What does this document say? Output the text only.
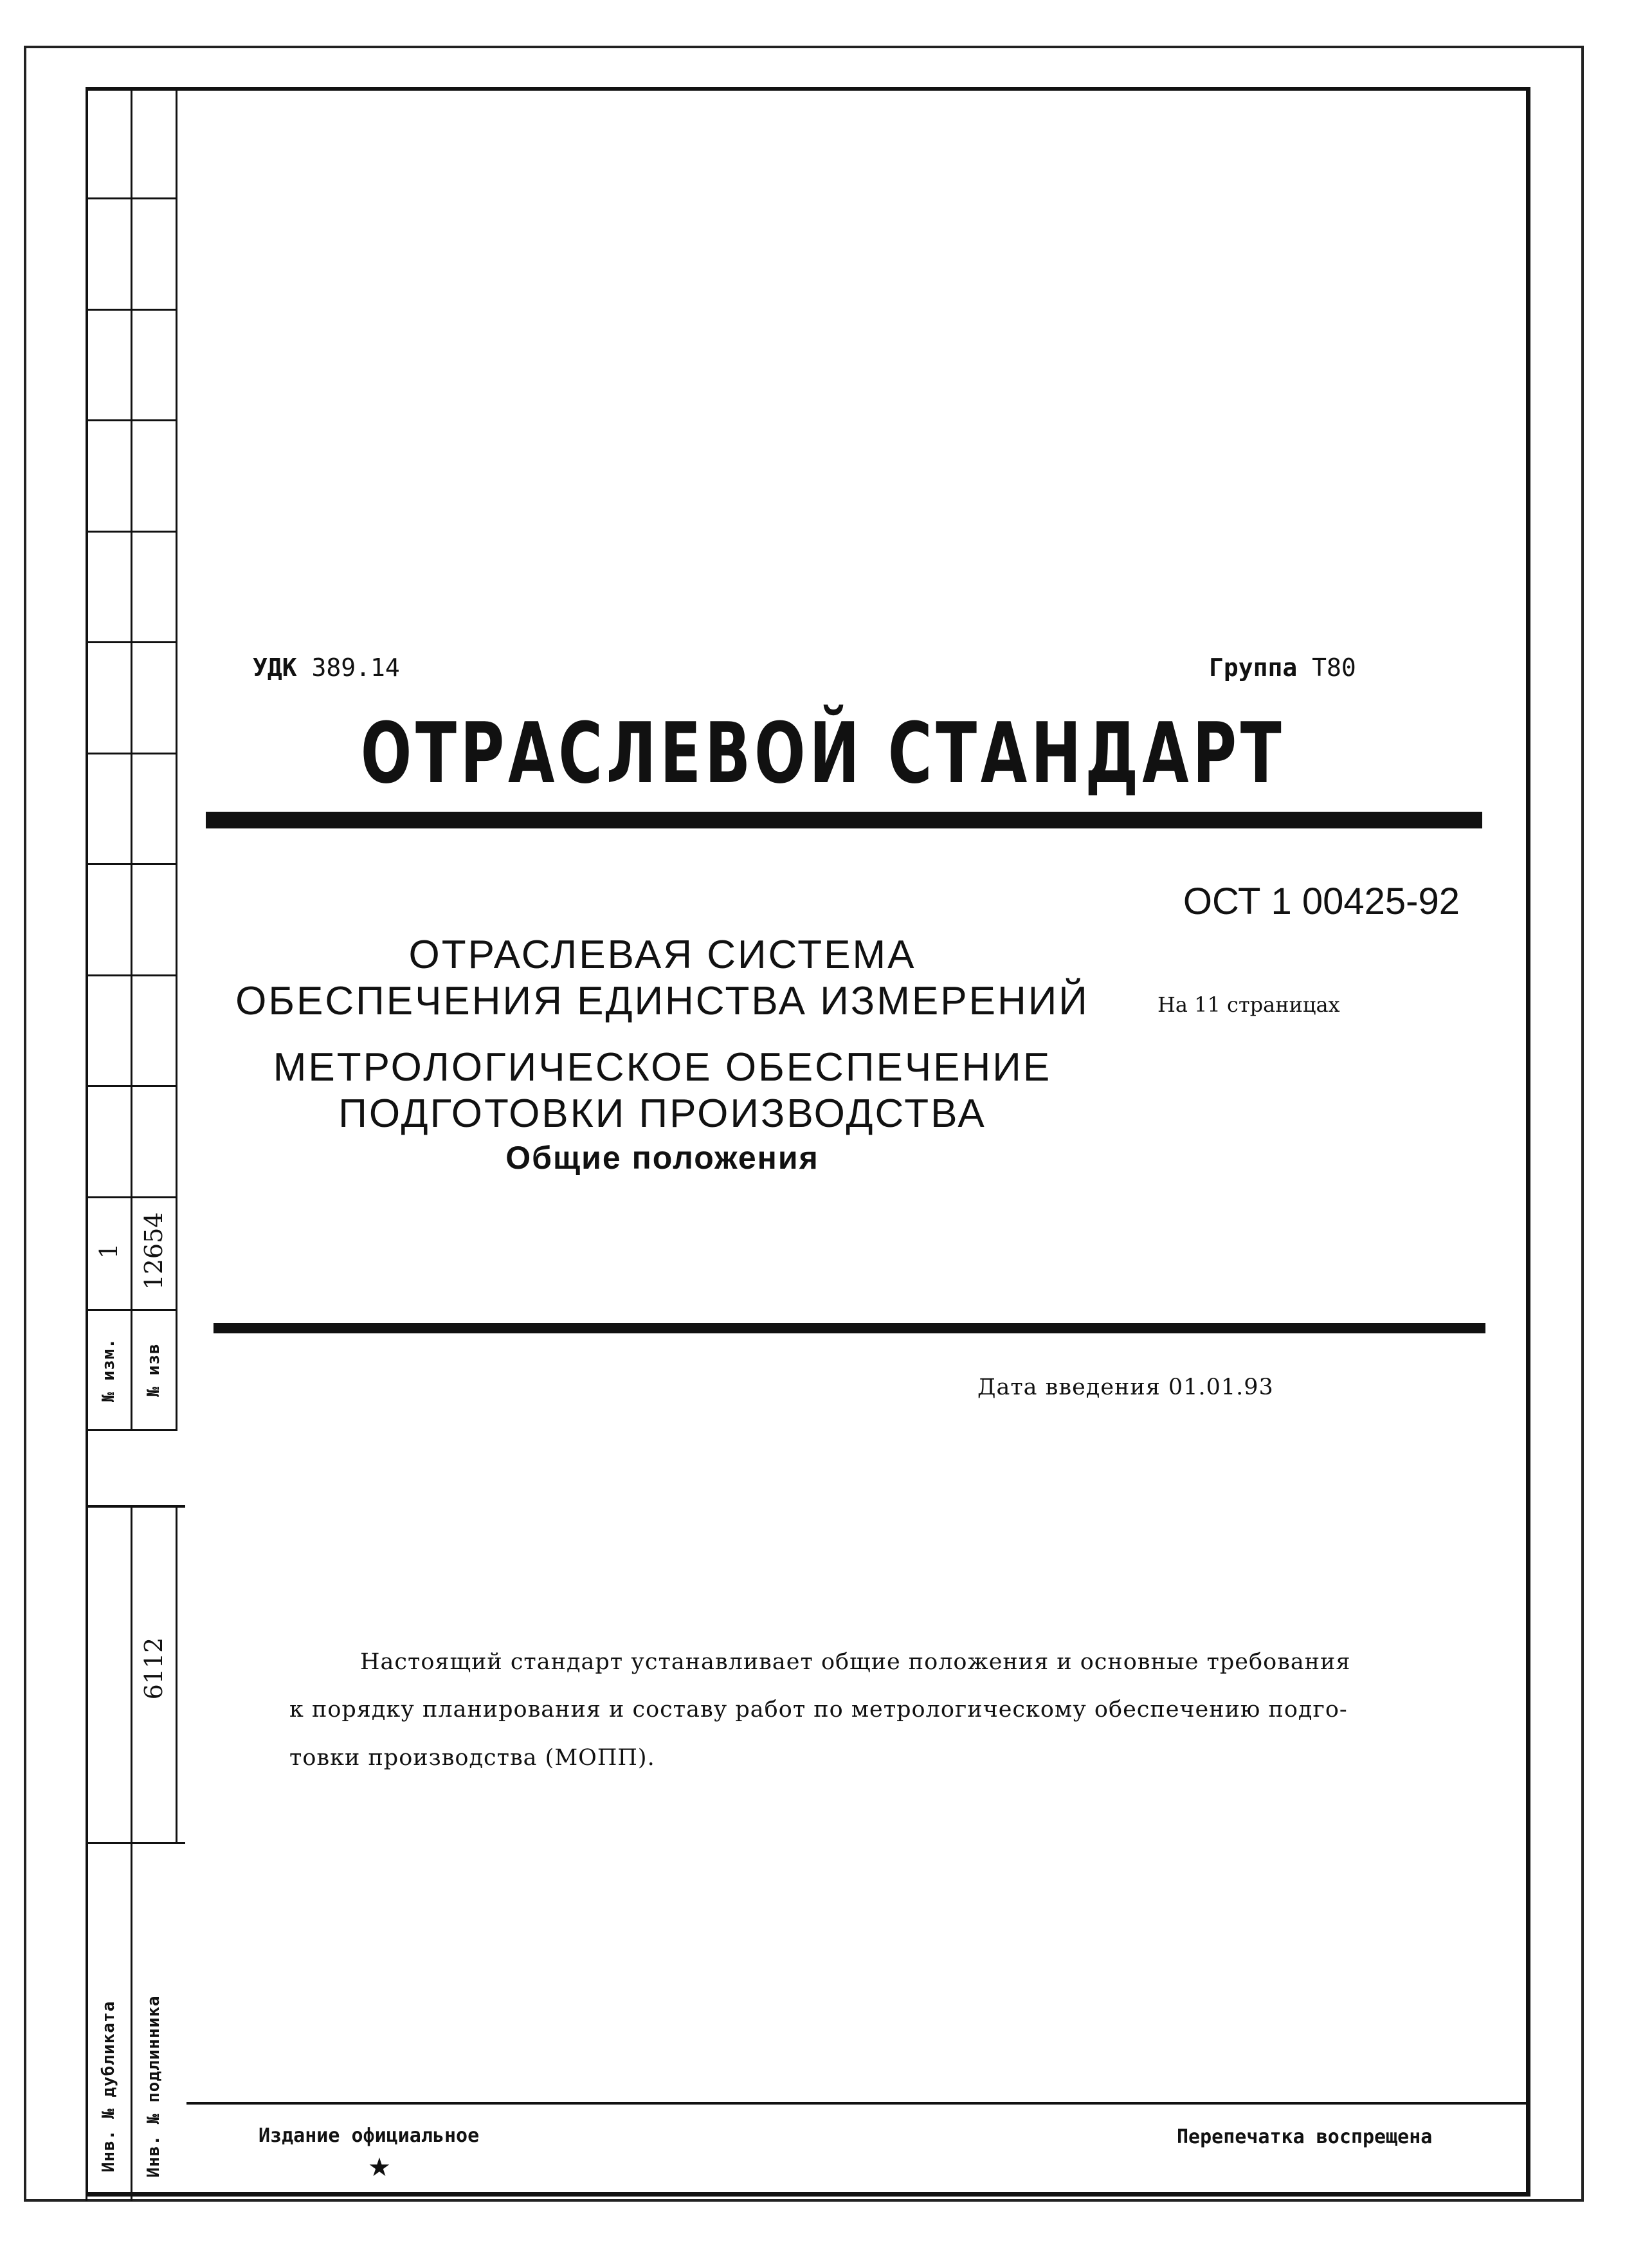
№ изм.
1
№ изв
12654
Инв. № дубликата Инв. № подлинника
6112
УДК 389.14	Группа Т80
ОТРАСЛЕВОЙ СТАНДАРТ
ОСТ 1 00425-92
На 11 страницах
ОТРАСЛЕВАЯ СИСТЕМА
ОБЕСПЕЧЕНИЯ ЕДИНСТВА ИЗМЕРЕНИЙ
МЕТРОЛОГИЧЕСКОЕ ОБЕСПЕЧЕНИЕ
ПОДГОТОВКИ ПРОИЗВОДСТВА
Общие положения
Дата введения 01.01.93
Настоящий стандарт устанавливает общие положения и основные требования
к порядку планирования и составу работ по метрологическому обеспечению подго-
товки производства (МОПП).
Издание официальное	Перепечатка воспрещена
★
